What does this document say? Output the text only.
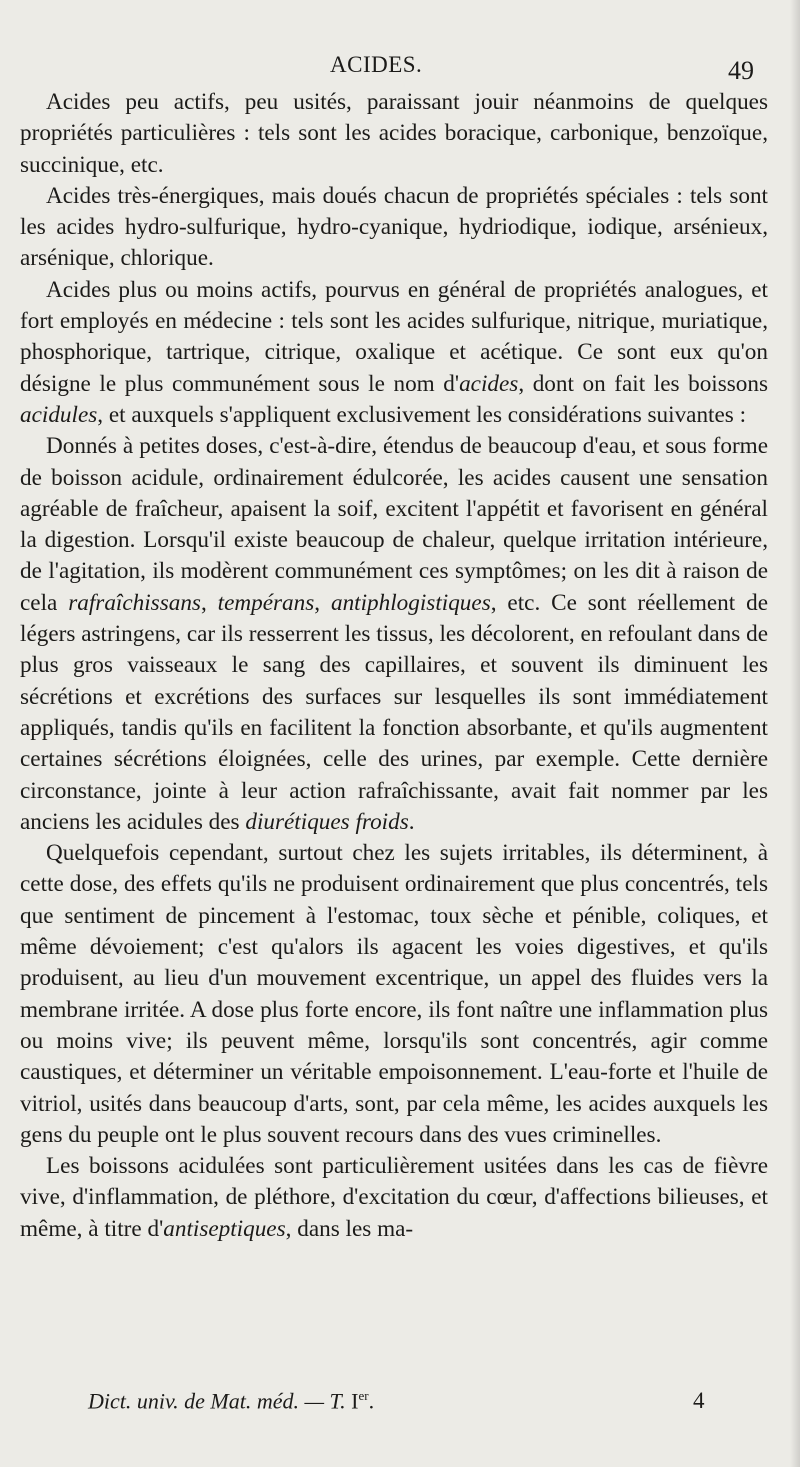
ACIDES.	49

Acides peu actifs, peu usités, paraissant jouir néanmoins de quelques propriétés particulières : tels sont les acides boracique, carbonique, benzoïque, succinique, etc.

Acides très-énergiques, mais doués chacun de propriétés spéciales : tels sont les acides hydro-sulfurique, hydro-cyanique, hydriodique, iodique, arsénieux, arsénique, chlorique.

Acides plus ou moins actifs, pourvus en général de propriétés analogues, et fort employés en médecine : tels sont les acides sulfurique, nitrique, muriatique, phosphorique, tartrique, citrique, oxalique et acétique. Ce sont eux qu'on désigne le plus communément sous le nom d'acides, dont on fait les boissons acidules, et auxquels s'appliquent exclusivement les considérations suivantes :

Donnés à petites doses, c'est-à-dire, étendus de beaucoup d'eau, et sous forme de boisson acidule, ordinairement édulcorée, les acides causent une sensation agréable de fraîcheur, apaisent la soif, excitent l'appétit et favorisent en général la digestion. Lorsqu'il existe beaucoup de chaleur, quelque irritation intérieure, de l'agitation, ils modèrent communément ces symptômes; on les dit à raison de cela rafraîchissans, tempérans, antiphlogistiques, etc. Ce sont réellement de légers astringens, car ils resserrent les tissus, les décolorent, en refoulant dans de plus gros vaisseaux le sang des capillaires, et souvent ils diminuent les sécrétions et excrétions des surfaces sur lesquelles ils sont immédiatement appliqués, tandis qu'ils en facilitent la fonction absorbante, et qu'ils augmentent certaines sécrétions éloignées, celle des urines, par exemple. Cette dernière circonstance, jointe à leur action rafraîchissante, avait fait nommer par les anciens les acidules des diurétiques froids.

Quelquefois cependant, surtout chez les sujets irritables, ils déterminent, à cette dose, des effets qu'ils ne produisent ordinairement que plus concentrés, tels que sentiment de pincement à l'estomac, toux sèche et pénible, coliques, et même dévoiement; c'est qu'alors ils agacent les voies digestives, et qu'ils produisent, au lieu d'un mouvement excentrique, un appel des fluides vers la membrane irritée. A dose plus forte encore, ils font naître une inflammation plus ou moins vive; ils peuvent même, lorsqu'ils sont concentrés, agir comme caustiques, et déterminer un véritable empoisonnement. L'eau-forte et l'huile de vitriol, usités dans beaucoup d'arts, sont, par cela même, les acides auxquels les gens du peuple ont le plus souvent recours dans des vues criminelles.

Les boissons acidulées sont particulièrement usitées dans les cas de fièvre vive, d'inflammation, de pléthore, d'excitation du cœur, d'affections bilieuses, et même, à titre d'antiseptiques, dans les ma-

Dict. univ. de Mat. méd. — T. Ier.	4
